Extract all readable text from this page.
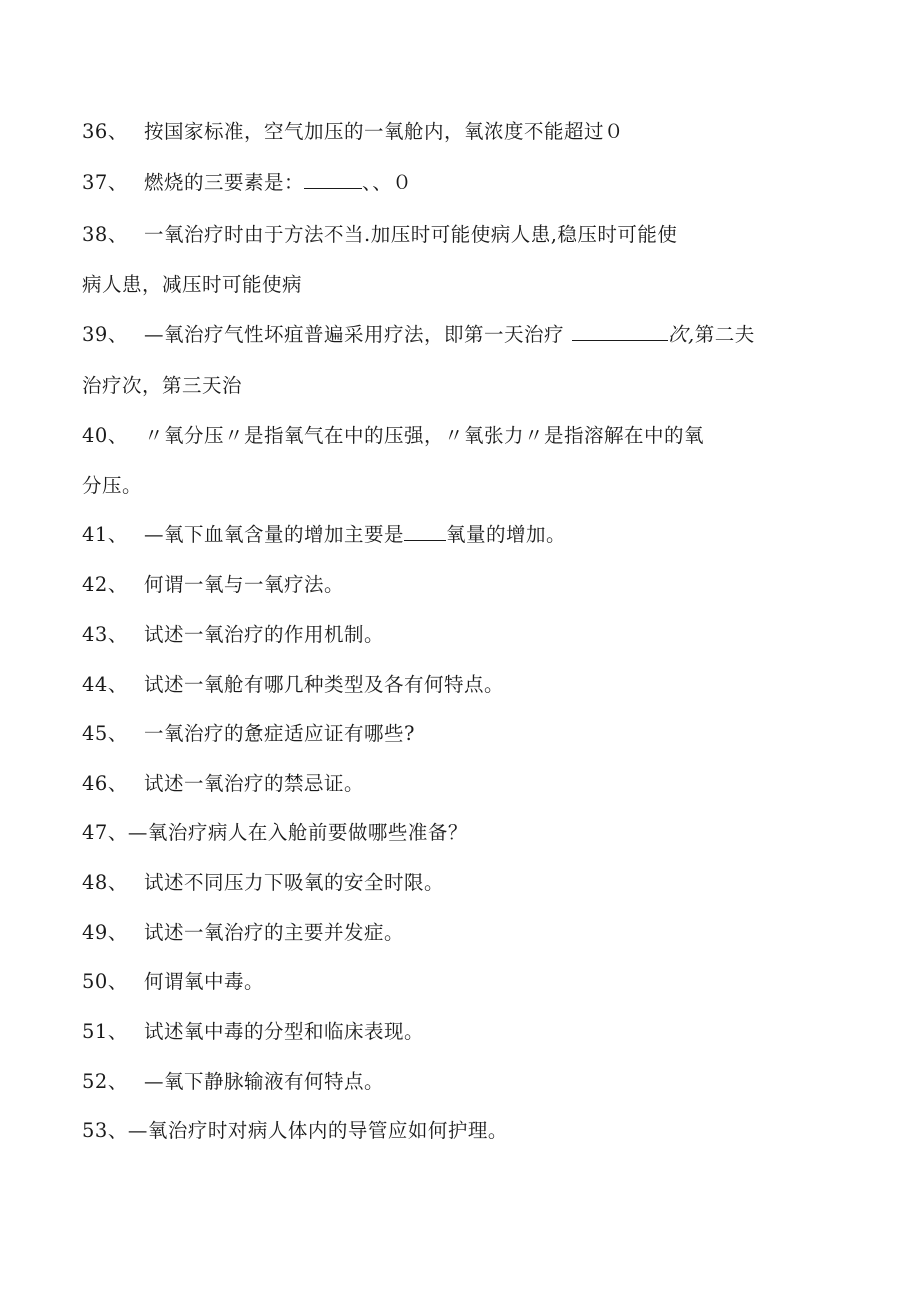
36、 按国家标准，空气加压的一氧舱内，氧浓度不能超过０
37、 燃烧的三要素是：	、、０
38、 一氧治疗时由于方法不当.加压时可能使病人患,稳压时可能使
病人患，减压时可能使病
39、 —氧治疗气性坏疽普遍采用疗法，即第一天治疗	次,第二夫
治疗次，第三天治
40、 〃氧分压〃是指氧气在中的压强，〃氧张力〃是指溶解在中的氧
分压。
41、 —氧下血氧含量的增加主要是 氧量的增加。
42、 何谓一氧与一氧疗法。
43、 试述一氧治疗的作用机制。
44、 试述一氧舱有哪几种类型及各有何特点。
45、 一氧治疗的惫症适应证有哪些?
46、 试述一氧治疗的禁忌证。
47、—氧治疗病人在入舱前要做哪些准备？
48、 试述不同压力下吸氧的安全时限。
49、 试述一氧治疗的主要并发症。
50、 何谓氧中毒。
51、 试述氧中毒的分型和临床表现。
52、 —氧下静脉输液有何特点。
53、—氧治疗时对病人体内的导管应如何护理。
